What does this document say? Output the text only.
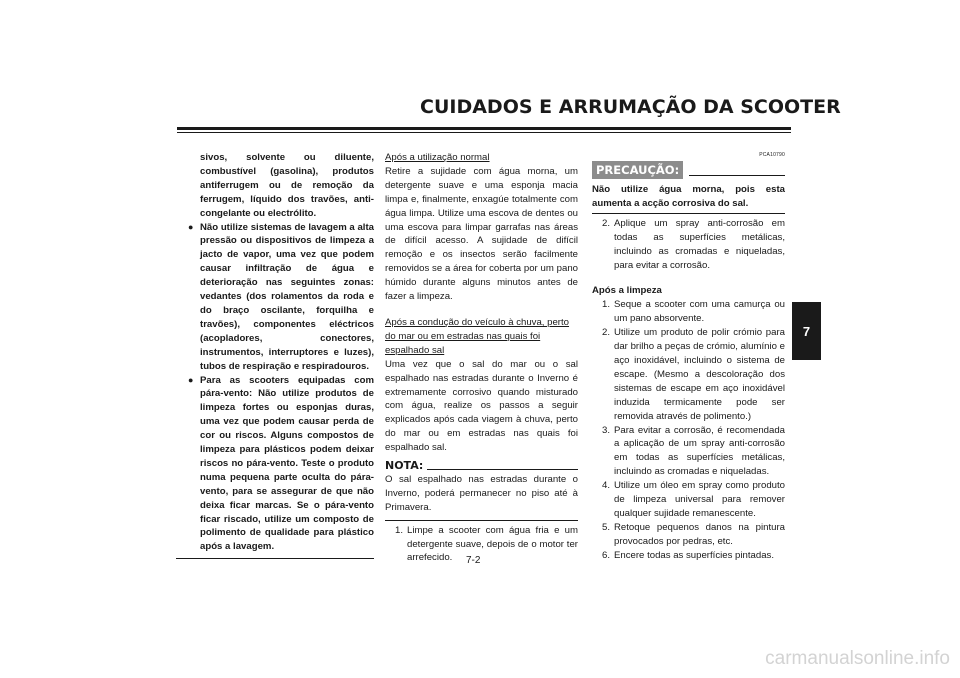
CUIDADOS E ARRUMAÇÃO DA SCOOTER
sivos, solvente ou diluente, combustível (gasolina), produtos antiferrugem ou de remoção da ferrugem, líquido dos travões, anti-congelante ou electrólito.
● Não utilize sistemas de lavagem a alta pressão ou dispositivos de limpeza a jacto de vapor, uma vez que podem causar infiltração de água e deterioração nas seguintes zonas: vedantes (dos rolamentos da roda e do braço oscilante, forquilha e travões), componentes eléctricos (acopladores, conectores, instrumentos, interruptores e luzes), tubos de respiração e respiradouros.
● Para as scooters equipadas com pára-vento: Não utilize produtos de limpeza fortes ou esponjas duras, uma vez que podem causar perda de cor ou riscos. Alguns compostos de limpeza para plásticos podem deixar riscos no pára-vento. Teste o produto numa pequena parte oculta do pára-vento, para se assegurar de que não deixa ficar marcas. Se o pára-vento ficar riscado, utilize um composto de polimento de qualidade para plástico após a lavagem.
Após a utilização normal
Retire a sujidade com água morna, um detergente suave e uma esponja macia limpa e, finalmente, enxagúe totalmente com água limpa. Utilize uma escova de dentes ou uma escova para limpar garrafas nas áreas de difícil acesso. A sujidade de difícil remoção e os insectos serão facilmente removidos se a área for coberta por um pano húmido durante alguns minutos antes de fazer a limpeza.
Após a condução do veículo à chuva, perto do mar ou em estradas nas quais foi espalhado sal
Uma vez que o sal do mar ou o sal espalhado nas estradas durante o Inverno é extremamente corrosivo quando misturado com água, realize os passos a seguir explicados após cada viagem à chuva, perto do mar ou em estradas nas quais foi espalhado sal.
NOTA:
O sal espalhado nas estradas durante o Inverno, poderá permanecer no piso até à Primavera.
1. Limpe a scooter com água fria e um detergente suave, depois de o motor ter arrefecido.
PCA10790
PRECAUÇÃO:
Não utilize água morna, pois esta aumenta a acção corrosiva do sal.
2. Aplique um spray anti-corrosão em todas as superfícies metálicas, incluindo as cromadas e niqueladas, para evitar a corrosão.
Após a limpeza
1. Seque a scooter com uma camurça ou um pano absorvente.
2. Utilize um produto de polir crómio para dar brilho a peças de crómio, alumínio e aço inoxidável, incluindo o sistema de escape. (Mesmo a descoloração dos sistemas de escape em aço inoxidável induzida termicamente pode ser removida através de polimento.)
3. Para evitar a corrosão, é recomendada a aplicação de um spray anti-corrosão em todas as superfícies metálicas, incluindo as cromadas e niqueladas.
4. Utilize um óleo em spray como produto de limpeza universal para remover qualquer sujidade remanescente.
5. Retoque pequenos danos na pintura provocados por pedras, etc.
6. Encere todas as superfícies pintadas.
7
7-2
carmanualsonline.info
